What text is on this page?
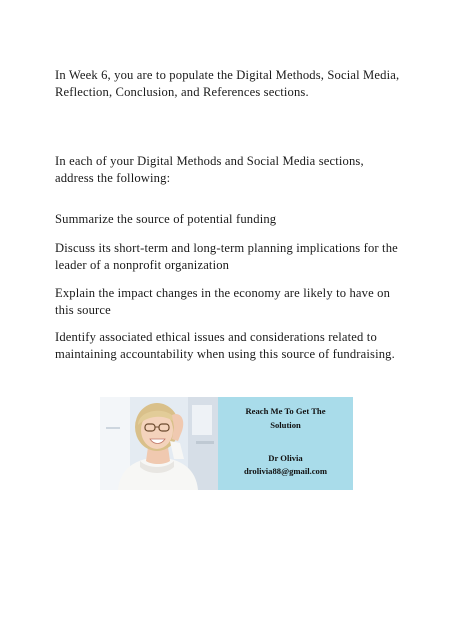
In Week 6, you are to populate the Digital Methods, Social Media, Reflection, Conclusion, and References sections.

In each of your Digital Methods and Social Media sections, address the following:

Summarize the source of potential funding

Discuss its short-term and long-term planning implications for the leader of a nonprofit organization

Explain the impact changes in the economy are likely to have on this source

Identify associated ethical issues and considerations related to maintaining accountability when using this source of fundraising.

Reach Me To Get The
Solution
Dr Olivia
drolivia88@gmail.com
